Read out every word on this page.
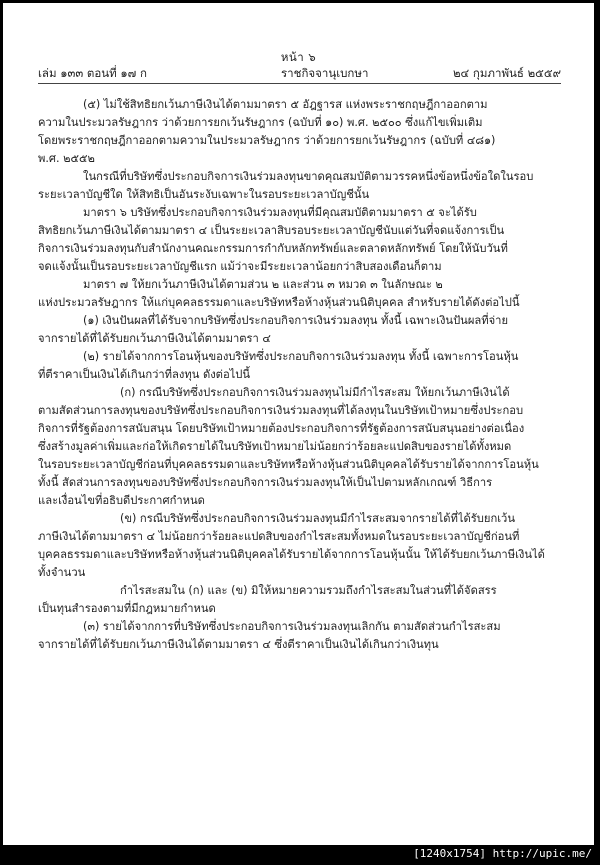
หน้า ๖
เล่ม ๑๓๓ ตอนที่ ๑๗ ก	ราชกิจจานุเบกษา	๒๔ กุมภาพันธ์ ๒๕๕๙
(๕) ไม่ใช้สิทธิยกเว้นภาษีเงินได้ตามมาตรา ๕ อัฎฐารส แห่งพระราชกฤษฎีกาออกตาม
ความในประมวลรัษฎากร ว่าด้วยการยกเว้นรัษฎากร (ฉบับที่ ๑๐) พ.ศ. ๒๕๐๐ ซึ่งแก้ไขเพิ่มเติม
โดยพระราชกฤษฎีกาออกตามความในประมวลรัษฎากร ว่าด้วยการยกเว้นรัษฎากร (ฉบับที่ ๔๘๑)
พ.ศ. ๒๕๕๒
ในกรณีที่บริษัทซึ่งประกอบกิจการเงินร่วมลงทุนขาดคุณสมบัติตามวรรคหนึ่งข้อหนึ่งข้อใดในรอบ
ระยะเวลาบัญชีใด ให้สิทธิเป็นอันระงับเฉพาะในรอบระยะเวลาบัญชีนั้น
มาตรา ๖ บริษัทซึ่งประกอบกิจการเงินร่วมลงทุนที่มีคุณสมบัติตามมาตรา ๕ จะได้รับ
สิทธิยกเว้นภาษีเงินได้ตามมาตรา ๔ เป็นระยะเวลาสิบรอบระยะเวลาบัญชีนับแต่วันที่จดแจ้งการเป็น
กิจการเงินร่วมลงทุนกับสำนักงานคณะกรรมการกำกับหลักทรัพย์และตลาดหลักทรัพย์ โดยให้นับวันที่
จดแจ้งนั้นเป็นรอบระยะเวลาบัญชีแรก แม้ว่าจะมีระยะเวลาน้อยกว่าสิบสองเดือนก็ตาม
มาตรา ๗ ให้ยกเว้นภาษีเงินได้ตามส่วน ๒ และส่วน ๓ หมวด ๓ ในลักษณะ ๒
แห่งประมวลรัษฎากร ให้แก่บุคคลธรรมดาและบริษัทหรือห้างหุ้นส่วนนิติบุคคล สำหรับรายได้ดังต่อไปนี้
(๑) เงินปันผลที่ได้รับจากบริษัทซึ่งประกอบกิจการเงินร่วมลงทุน ทั้งนี้ เฉพาะเงินปันผลที่จ่าย
จากรายได้ที่ได้รับยกเว้นภาษีเงินได้ตามมาตรา ๔
(๒) รายได้จากการโอนหุ้นของบริษัทซึ่งประกอบกิจการเงินร่วมลงทุน ทั้งนี้ เฉพาะการโอนหุ้น
ที่ตีราคาเป็นเงินได้เกินกว่าที่ลงทุน ดังต่อไปนี้
(ก) กรณีบริษัทซึ่งประกอบกิจการเงินร่วมลงทุนไม่มีกำไรสะสม ให้ยกเว้นภาษีเงินได้
ตามสัดส่วนการลงทุนของบริษัทซึ่งประกอบกิจการเงินร่วมลงทุนที่ได้ลงทุนในบริษัทเป้าหมายซึ่งประกอบ
กิจการที่รัฐต้องการสนับสนุน โดยบริษัทเป้าหมายต้องประกอบกิจการที่รัฐต้องการสนับสนุนอย่างต่อเนื่อง
ซึ่งสร้างมูลค่าเพิ่มและก่อให้เกิดรายได้ในบริษัทเป้าหมายไม่น้อยกว่าร้อยละแปดสิบของรายได้ทั้งหมด
ในรอบระยะเวลาบัญชีก่อนที่บุคคลธรรมดาและบริษัทหรือห้างหุ้นส่วนนิติบุคคลได้รับรายได้จากการโอนหุ้น
ทั้งนี้ สัดส่วนการลงทุนของบริษัทซึ่งประกอบกิจการเงินร่วมลงทุนให้เป็นไปตามหลักเกณฑ์ วิธีการ
และเงื่อนไขที่อธิบดีประกาศกำหนด
(ข) กรณีบริษัทซึ่งประกอบกิจการเงินร่วมลงทุนมีกำไรสะสมจากรายได้ที่ได้รับยกเว้น
ภาษีเงินได้ตามมาตรา ๔ ไม่น้อยกว่าร้อยละแปดสิบของกำไรสะสมทั้งหมดในรอบระยะเวลาบัญชีก่อนที่
บุคคลธรรมดาและบริษัทหรือห้างหุ้นส่วนนิติบุคคลได้รับรายได้จากการโอนหุ้นนั้น ให้ได้รับยกเว้นภาษีเงินได้
ทั้งจำนวน
กำไรสะสมใน (ก) และ (ข) มิให้หมายความรวมถึงกำไรสะสมในส่วนที่ได้จัดสรร
เป็นทุนสำรองตามที่มีกฎหมายกำหนด
(๓) รายได้จากการที่บริษัทซึ่งประกอบกิจการเงินร่วมลงทุนเลิกกัน ตามสัดส่วนกำไรสะสม
จากรายได้ที่ได้รับยกเว้นภาษีเงินได้ตามมาตรา ๔ ซึ่งตีราคาเป็นเงินได้เกินกว่าเงินทุน
[1240x1754] http://upic.me/
